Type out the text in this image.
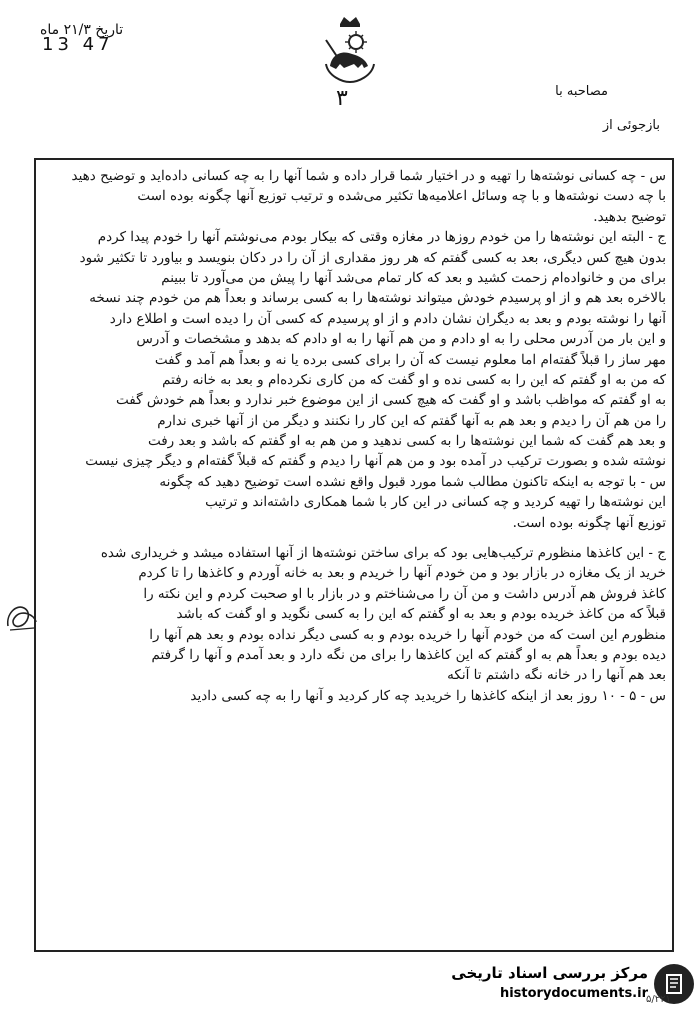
تاریخ ۲۱/۳ ماه
13 47
۳	مصاحبه با
بازجوئی از
س - چه کسانی نوشته‌ها را تهیه و در اختیار شما قرار داده و شما آنها را به چه کسانی داده‌اید و توضیح دهید
با چه دست نوشته‌ها و با چه وسائل اعلامیه‌ها تکثیر می‌شده و ترتیب توزیع آنها چگونه بوده است
توضیح بدهید.
ج - البته این نوشته‌ها را من خودم روزها در مغازه وقتی که بیکار بودم می‌نوشتم آنها را خودم پیدا کردم
بدون هیچ کس دیگری، بعد به کسی گفتم که هر روز مقداری از آن را در دکان بنویسد و بیاورد تا تکثیر شود
برای من و خانواده‌ام زحمت کشید و بعد که کار تمام می‌شد آنها را پیش من می‌آورد تا ببینم
بالاخره بعد هم و از او پرسیدم خودش میتواند نوشته‌ها را به کسی برساند و بعداً هم من خودم چند نسخه
آنها را نوشته بودم و بعد به دیگران نشان دادم و از او پرسیدم که کسی آن را دیده است و اطلاع دارد
و این بار من آدرس محلی را به او دادم و من هم آنها را به او دادم که بدهد و مشخصات و آدرس
مهر ساز را قبلاً گفته‌ام اما معلوم نیست که آن را برای کسی برده یا نه و بعداً هم آمد و گفت
که من به او گفتم که این را به کسی نده و او گفت که من کاری نکرده‌ام و بعد به خانه رفتم
به او گفتم که مواظب باشد و او گفت که هیچ کسی از این موضوع خبر ندارد و بعداً هم خودش گفت
را من هم آن را دیدم و بعد هم به آنها گفتم که این کار را نکنند و دیگر من از آنها خبری ندارم
و بعد هم گفت که شما این نوشته‌ها را به کسی ندهید و من هم به او گفتم که باشد و بعد رفت
نوشته شده و بصورت ترکیب در آمده بود و من هم آنها را دیدم و گفتم که قبلاً گفته‌ام و دیگر چیزی نیست
س - با توجه به اینکه تاکنون مطالب شما مورد قبول واقع نشده است توضیح دهید که چگونه
این نوشته‌ها را تهیه کردید و چه کسانی در این کار با شما همکاری داشته‌اند و ترتیب
توزیع آنها چگونه بوده است.
ج - این کاغذها منظورم ترکیب‌هایی بود که برای ساختن نوشته‌ها از آنها استفاده میشد و خریداری شده
خرید از یک مغازه در بازار بود و من خودم آنها را خریدم و بعد به خانه آوردم و کاغذها را تا کردم
کاغذ فروش هم آدرس داشت و من آن را می‌شناختم و در بازار با او صحبت کردم و این نکته را
قبلاً که من کاغذ خریده بودم و بعد به او گفتم که این را به کسی نگوید و او گفت که باشد
منظورم این است که من خودم آنها را خریده بودم و به کسی دیگر نداده بودم و بعد هم آنها را
دیده بودم و بعداً هم به او گفتم که این کاغذها را برای من نگه دارد و بعد آمدم و آنها را گرفتم
بعد هم آنها را در خانه نگه داشتم تا آنکه
س - ۵ - ۱۰ روز بعد از اینکه کاغذها را خریدید چه کار کردید و آنها را به چه کسی دادید
مرکز بررسی اسناد تاریخی
historydocuments.ir
۵/۲۲۱
